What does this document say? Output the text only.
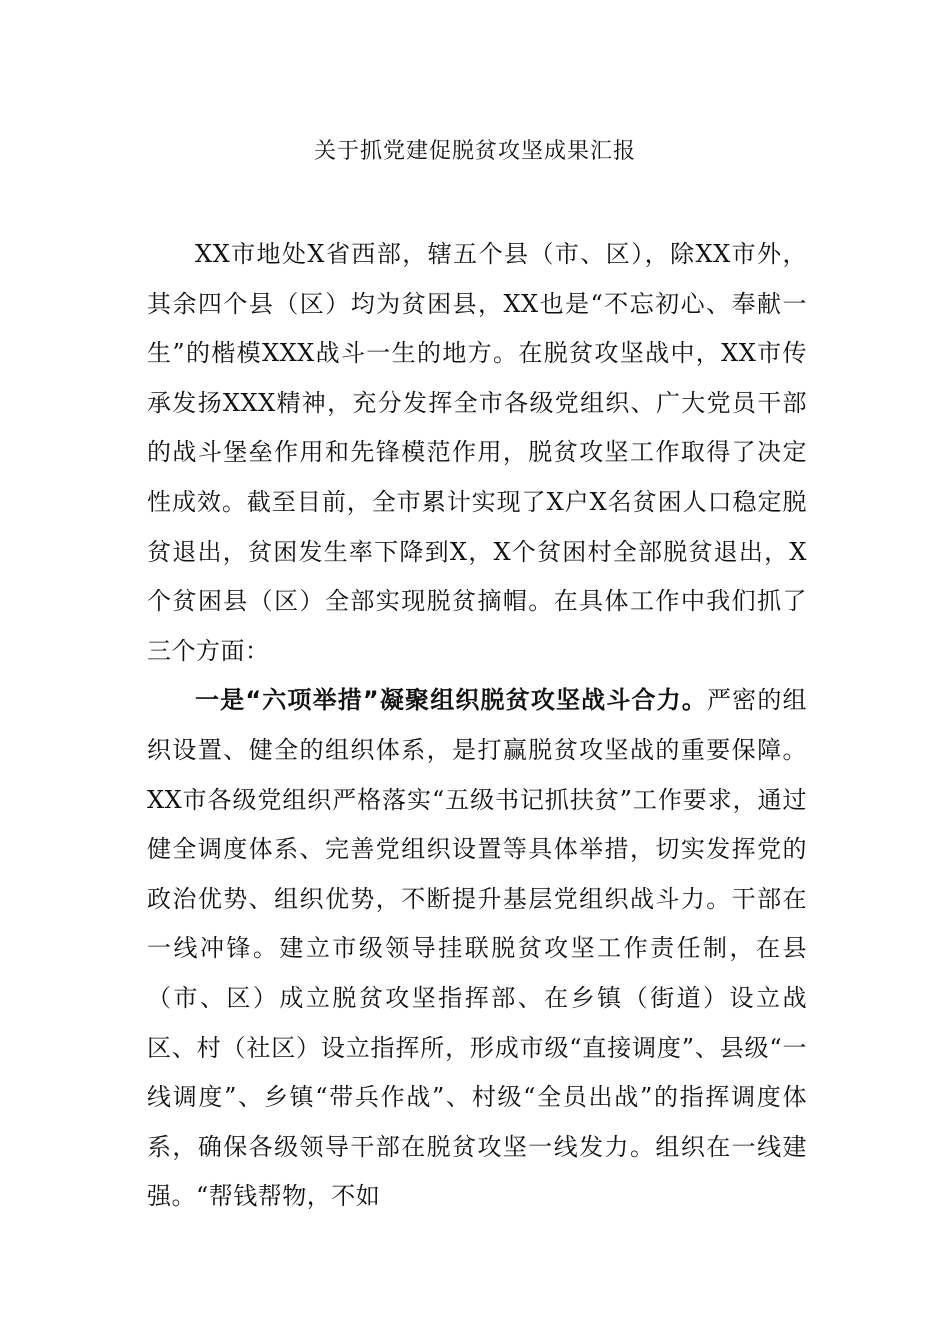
关于抓党建促脱贫攻坚成果汇报

XX市地处X省西部，辖五个县（市、区），除XX市外，其余四个县（区）均为贫困县，XX也是“不忘初心、奉献一生”的楷模XXX战斗一生的地方。在脱贫攻坚战中，XX市传承发扬XXX精神，充分发挥全市各级党组织、广大党员干部的战斗堡垒作用和先锋模范作用，脱贫攻坚工作取得了决定性成效。截至目前，全市累计实现了X户X名贫困人口稳定脱贫退出，贫困发生率下降到X，X个贫困村全部脱贫退出，X个贫困县（区）全部实现脱贫摘帽。在具体工作中我们抓了三个方面：

一是“六项举措”凝聚组织脱贫攻坚战斗合力。严密的组织设置、健全的组织体系，是打赢脱贫攻坚战的重要保障。XX市各级党组织严格落实“五级书记抓扶贫”工作要求，通过健全调度体系、完善党组织设置等具体举措，切实发挥党的政治优势、组织优势，不断提升基层党组织战斗力。干部在一线冲锋。建立市级领导挂联脱贫攻坚工作责任制，在县（市、区）成立脱贫攻坚指挥部、在乡镇（街道）设立战区、村（社区）设立指挥所，形成市级“直接调度”、县级“一线调度”、乡镇“带兵作战”、村级“全员出战”的指挥调度体系，确保各级领导干部在脱贫攻坚一线发力。组织在一线建强。“帮钱帮物，不如
